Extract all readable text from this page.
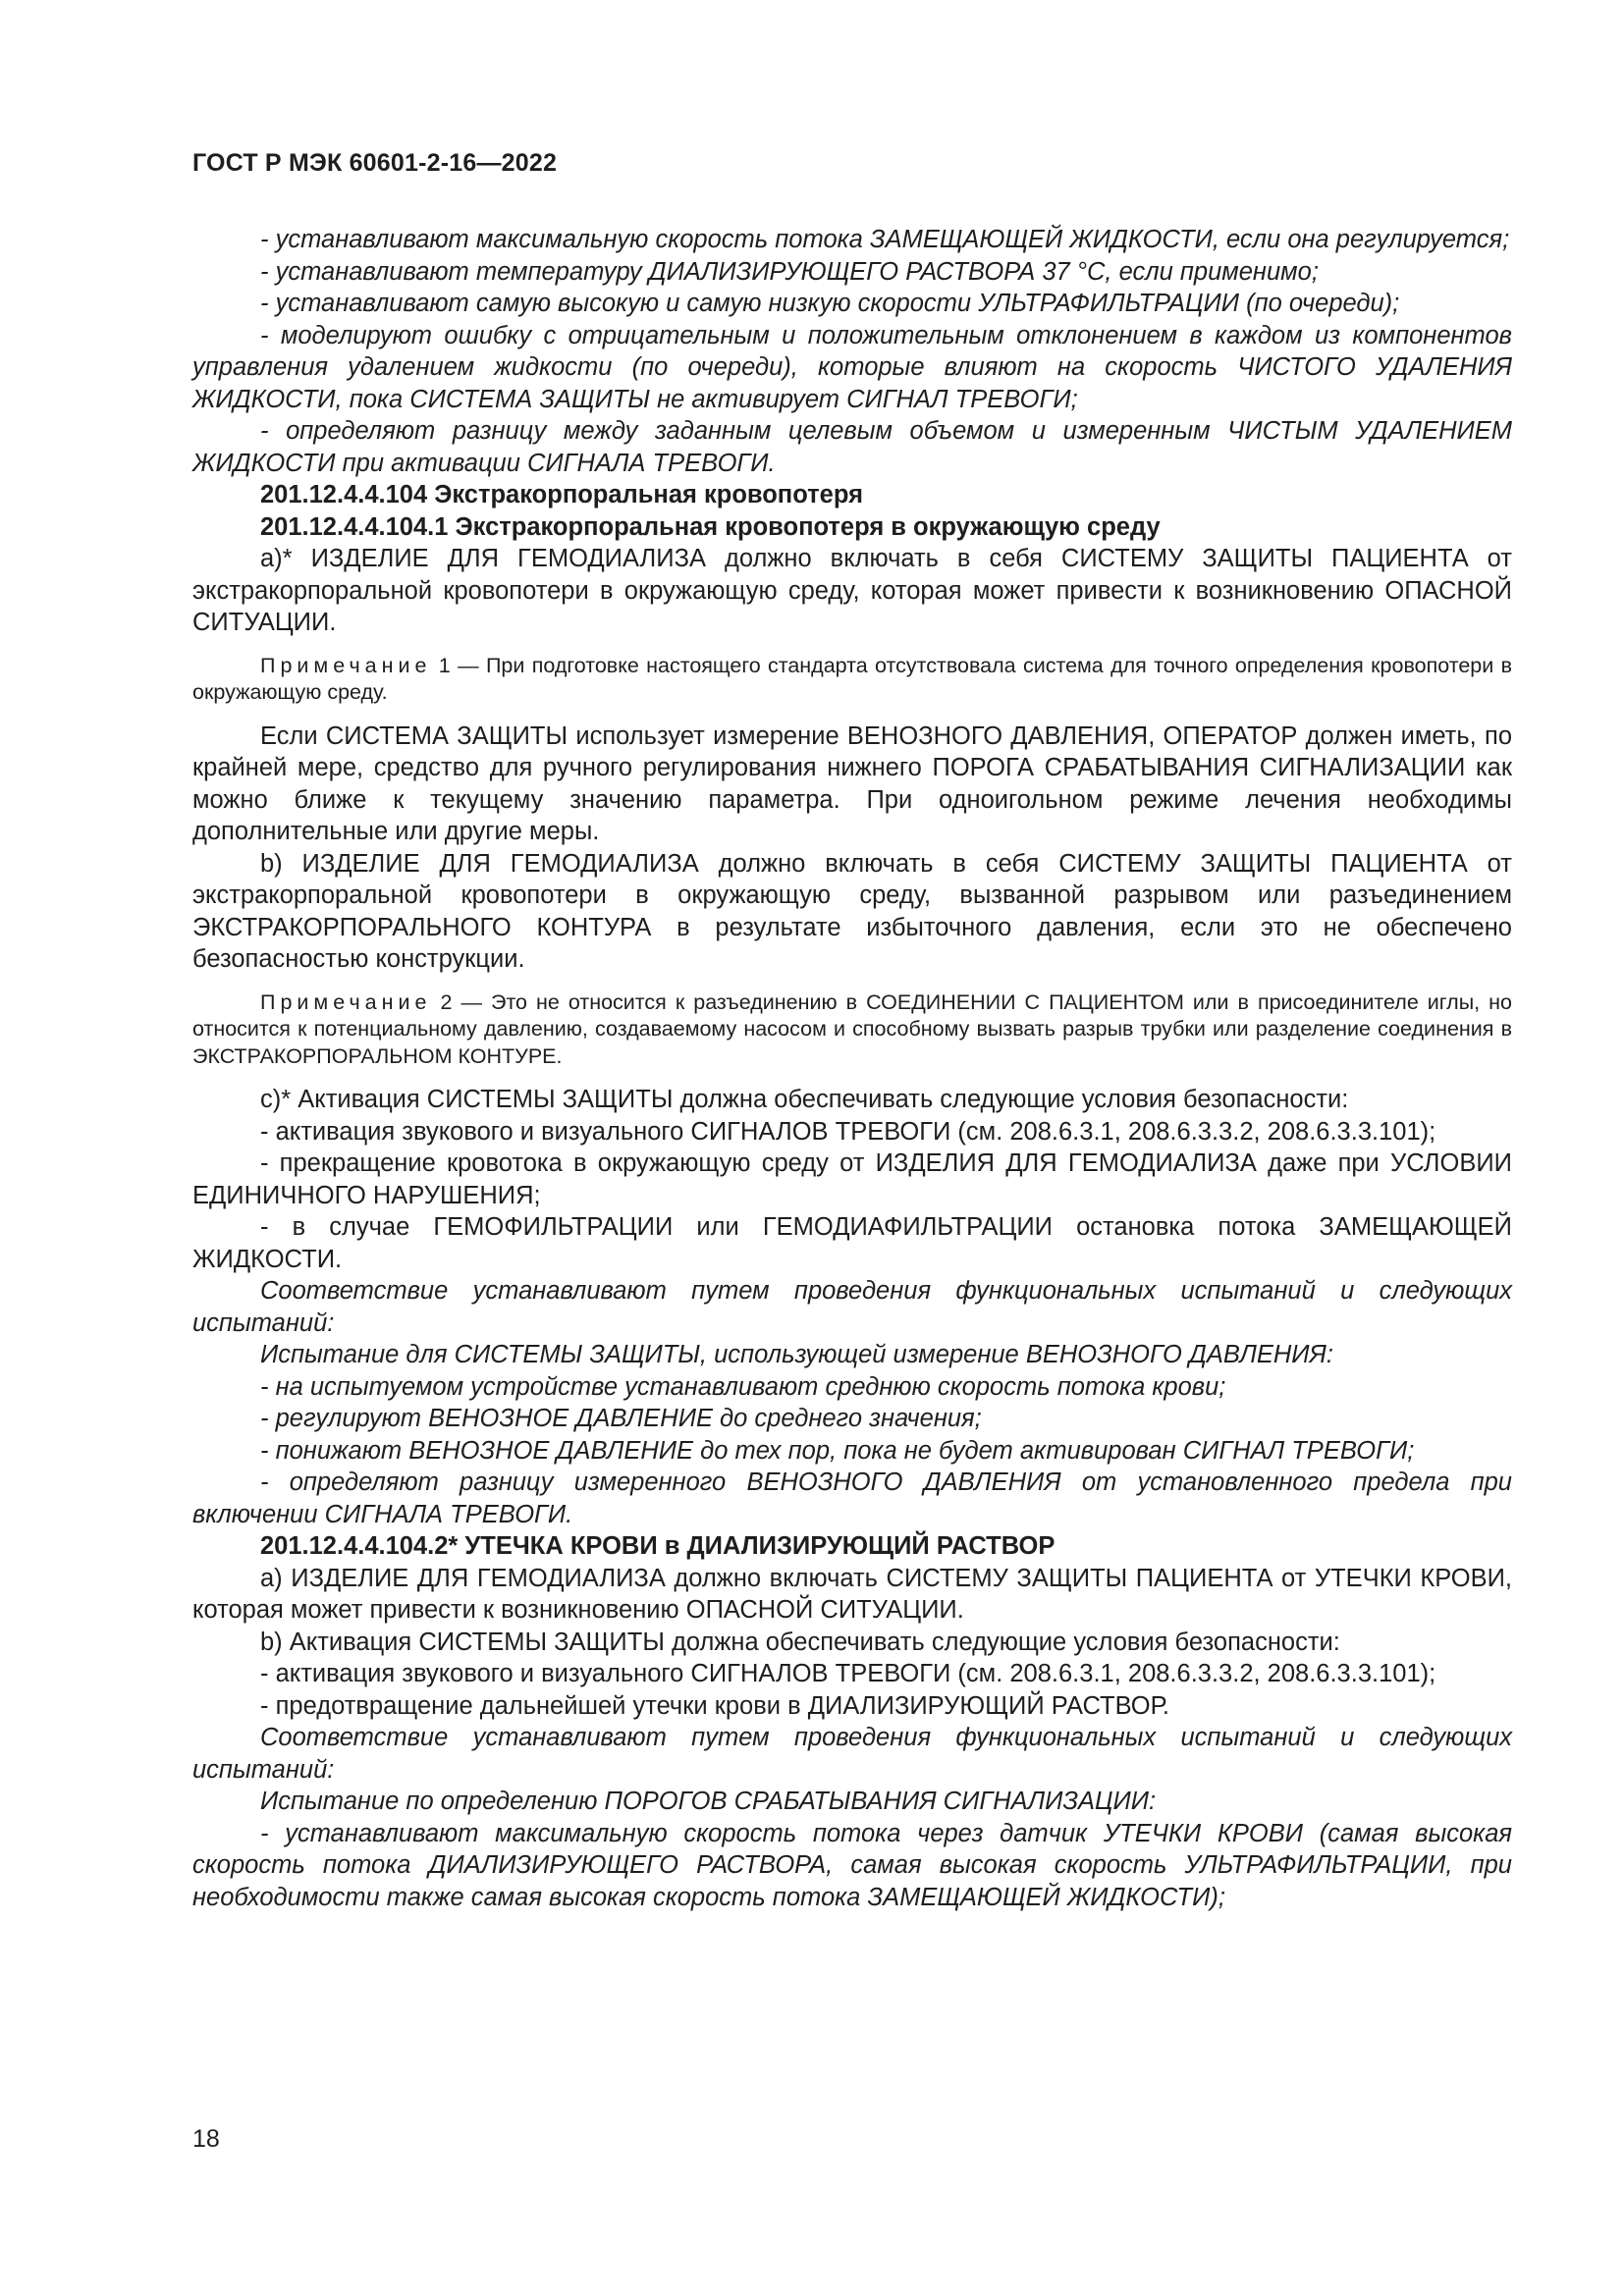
ГОСТ Р МЭК 60601-2-16—2022

- устанавливают максимальную скорость потока ЗАМЕЩАЮЩЕЙ ЖИДКОСТИ, если она регулируется;

- устанавливают температуру ДИАЛИЗИРУЮЩЕГО РАСТВОРА 37 °С, если применимо;

- устанавливают самую высокую и самую низкую скорости УЛЬТРАФИЛЬТРАЦИИ (по очереди);

- моделируют ошибку с отрицательным и положительным отклонением в каждом из компонентов управления удалением жидкости (по очереди), которые влияют на скорость ЧИСТОГО УДАЛЕНИЯ ЖИДКОСТИ, пока СИСТЕМА ЗАЩИТЫ не активирует СИГНАЛ ТРЕВОГИ;

- определяют разницу между заданным целевым объемом и измеренным ЧИСТЫМ УДАЛЕНИЕМ ЖИДКОСТИ при активации СИГНАЛА ТРЕВОГИ.

201.12.4.4.104 Экстракорпоральная кровопотеря

201.12.4.4.104.1 Экстракорпоральная кровопотеря в окружающую среду

а)* ИЗДЕЛИЕ ДЛЯ ГЕМОДИАЛИЗА должно включать в себя СИСТЕМУ ЗАЩИТЫ ПАЦИЕНТА от экстракорпоральной кровопотери в окружающую среду, которая может привести к возникновению ОПАСНОЙ СИТУАЦИИ.

Примечание 1 — При подготовке настоящего стандарта отсутствовала система для точного определения кровопотери в окружающую среду.

Если СИСТЕМА ЗАЩИТЫ использует измерение ВЕНОЗНОГО ДАВЛЕНИЯ, ОПЕРАТОР должен иметь, по крайней мере, средство для ручного регулирования нижнего ПОРОГА СРАБАТЫВАНИЯ СИГНАЛИЗАЦИИ как можно ближе к текущему значению параметра. При одноигольном режиме лечения необходимы дополнительные или другие меры.

b) ИЗДЕЛИЕ ДЛЯ ГЕМОДИАЛИЗА должно включать в себя СИСТЕМУ ЗАЩИТЫ ПАЦИЕНТА от экстракорпоральной кровопотери в окружающую среду, вызванной разрывом или разъединением ЭКСТРАКОРПОРАЛЬНОГО КОНТУРА в результате избыточного давления, если это не обеспечено безопасностью конструкции.

Примечание 2 — Это не относится к разъединению в СОЕДИНЕНИИ С ПАЦИЕНТОМ или в присоединителе иглы, но относится к потенциальному давлению, создаваемому насосом и способному вызвать разрыв трубки или разделение соединения в ЭКСТРАКОРПОРАЛЬНОМ КОНТУРЕ.

с)* Активация СИСТЕМЫ ЗАЩИТЫ должна обеспечивать следующие условия безопасности:

- активация звукового и визуального СИГНАЛОВ ТРЕВОГИ (см. 208.6.3.1, 208.6.3.3.2, 208.6.3.3.101);

- прекращение кровотока в окружающую среду от ИЗДЕЛИЯ ДЛЯ ГЕМОДИАЛИЗА даже при УСЛОВИИ ЕДИНИЧНОГО НАРУШЕНИЯ;

- в случае ГЕМОФИЛЬТРАЦИИ или ГЕМОДИАФИЛЬТРАЦИИ остановка потока ЗАМЕЩАЮЩЕЙ ЖИДКОСТИ.

Соответствие устанавливают путем проведения функциональных испытаний и следующих испытаний:

Испытание для СИСТЕМЫ ЗАЩИТЫ, использующей измерение ВЕНОЗНОГО ДАВЛЕНИЯ:

- на испытуемом устройстве устанавливают среднюю скорость потока крови;

- регулируют ВЕНОЗНОЕ ДАВЛЕНИЕ до среднего значения;

- понижают ВЕНОЗНОЕ ДАВЛЕНИЕ до тех пор, пока не будет активирован СИГНАЛ ТРЕВОГИ;

- определяют разницу измеренного ВЕНОЗНОГО ДАВЛЕНИЯ от установленного предела при включении СИГНАЛА ТРЕВОГИ.

201.12.4.4.104.2* УТЕЧКА КРОВИ в ДИАЛИЗИРУЮЩИЙ РАСТВОР

а) ИЗДЕЛИЕ ДЛЯ ГЕМОДИАЛИЗА должно включать СИСТЕМУ ЗАЩИТЫ ПАЦИЕНТА от УТЕЧКИ КРОВИ, которая может привести к возникновению ОПАСНОЙ СИТУАЦИИ.

b) Активация СИСТЕМЫ ЗАЩИТЫ должна обеспечивать следующие условия безопасности:

- активация звукового и визуального СИГНАЛОВ ТРЕВОГИ (см. 208.6.3.1, 208.6.3.3.2, 208.6.3.3.101);

- предотвращение дальнейшей утечки крови в ДИАЛИЗИРУЮЩИЙ РАСТВОР.

Соответствие устанавливают путем проведения функциональных испытаний и следующих испытаний:

Испытание по определению ПОРОГОВ СРАБАТЫВАНИЯ СИГНАЛИЗАЦИИ:

- устанавливают максимальную скорость потока через датчик УТЕЧКИ КРОВИ (самая высокая скорость потока ДИАЛИЗИРУЮЩЕГО РАСТВОРА, самая высокая скорость УЛЬТРАФИЛЬТРАЦИИ, при необходимости также самая высокая скорость потока ЗАМЕЩАЮЩЕЙ ЖИДКОСТИ);

18
